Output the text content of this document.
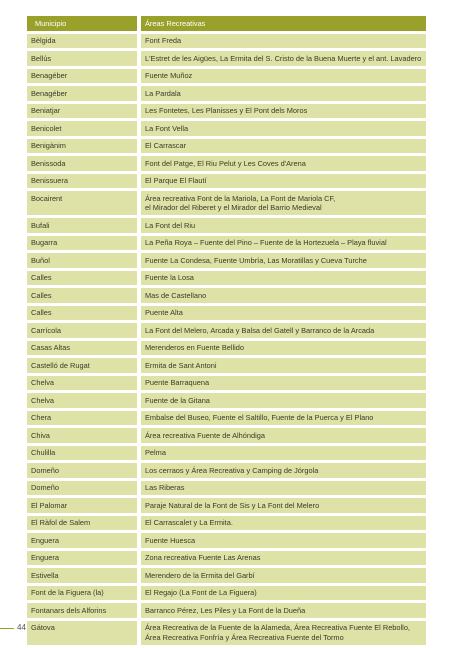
Municipio	Áreas Recreativas
Bèlgida	Font Freda
Bellús	L'Estret de les Aigües, La Ermita del S. Cristo de la Buena Muerte y el ant. Lavadero
Benagéber	Fuente Muñoz
Benagéber	La Pardala
Beniatjar	Les Fontetes, Les Planisses y El Pont dels Moros
Benicolet	La Font Vella
Benigànim	El Carrascar
Benissoda	Font del Patge, El Riu Pelut y Les Coves d'Arena
Benissuera	El Parque El Flautí
Bocairent	Área recreativa Font de la Mariola, La Font de Mariola CF,
el Mirador del Riberet y el Mirador del Barrio Medieval
Bufali	La Font del Riu
Bugarra	La Peña Roya – Fuente del Pino – Fuente de la Hortezuela – Playa fluvial
Buñol	Fuente La Condesa, Fuente Umbría, Las Moratillas y Cueva Turche
Calles	Fuente la Losa
Calles	Mas de Castellano
Calles	Puente Alta
Carrícola	La Font del Melero, Arcada y Balsa del Gatell y Barranco de la Arcada
Casas Altas	Merenderos en Fuente Bellido
Castelló de Rugat	Ermita de Sant Antoni
Chelva	Puente Barraquena
Chelva	Fuente de la Gitana
Chera	Embalse del Buseo, Fuente el Saltillo, Fuente de la Puerca y El Plano
Chiva	Área recreativa Fuente de Alhóndiga
Chulilla	Pelma
Domeño	Los cerraos y Área Recreativa y Camping de Jórgola
Domeño	Las Riberas
El Palomar	Paraje Natural de la Font de Sis y La Font del Melero
El Ràfol de Salem	El Carrascalet y La Ermita.
Enguera	Fuente Huesca
Enguera	Zona recreativa Fuente Las Arenas
Estivella	Merendero de la Ermita del Garbí
Font de la Figuera (la)	El Regajo (La Font de La Figuera)
Fontanars dels Alforins	Barranco Pérez, Les Piles y La Font de la Dueña
Gátova	Área Recreativa de la Fuente de la Alameda, Área Recreativa Fuente El Rebollo,
Área Recreativa Fonfría y Área Recreativa Fuente del Tormo
44
